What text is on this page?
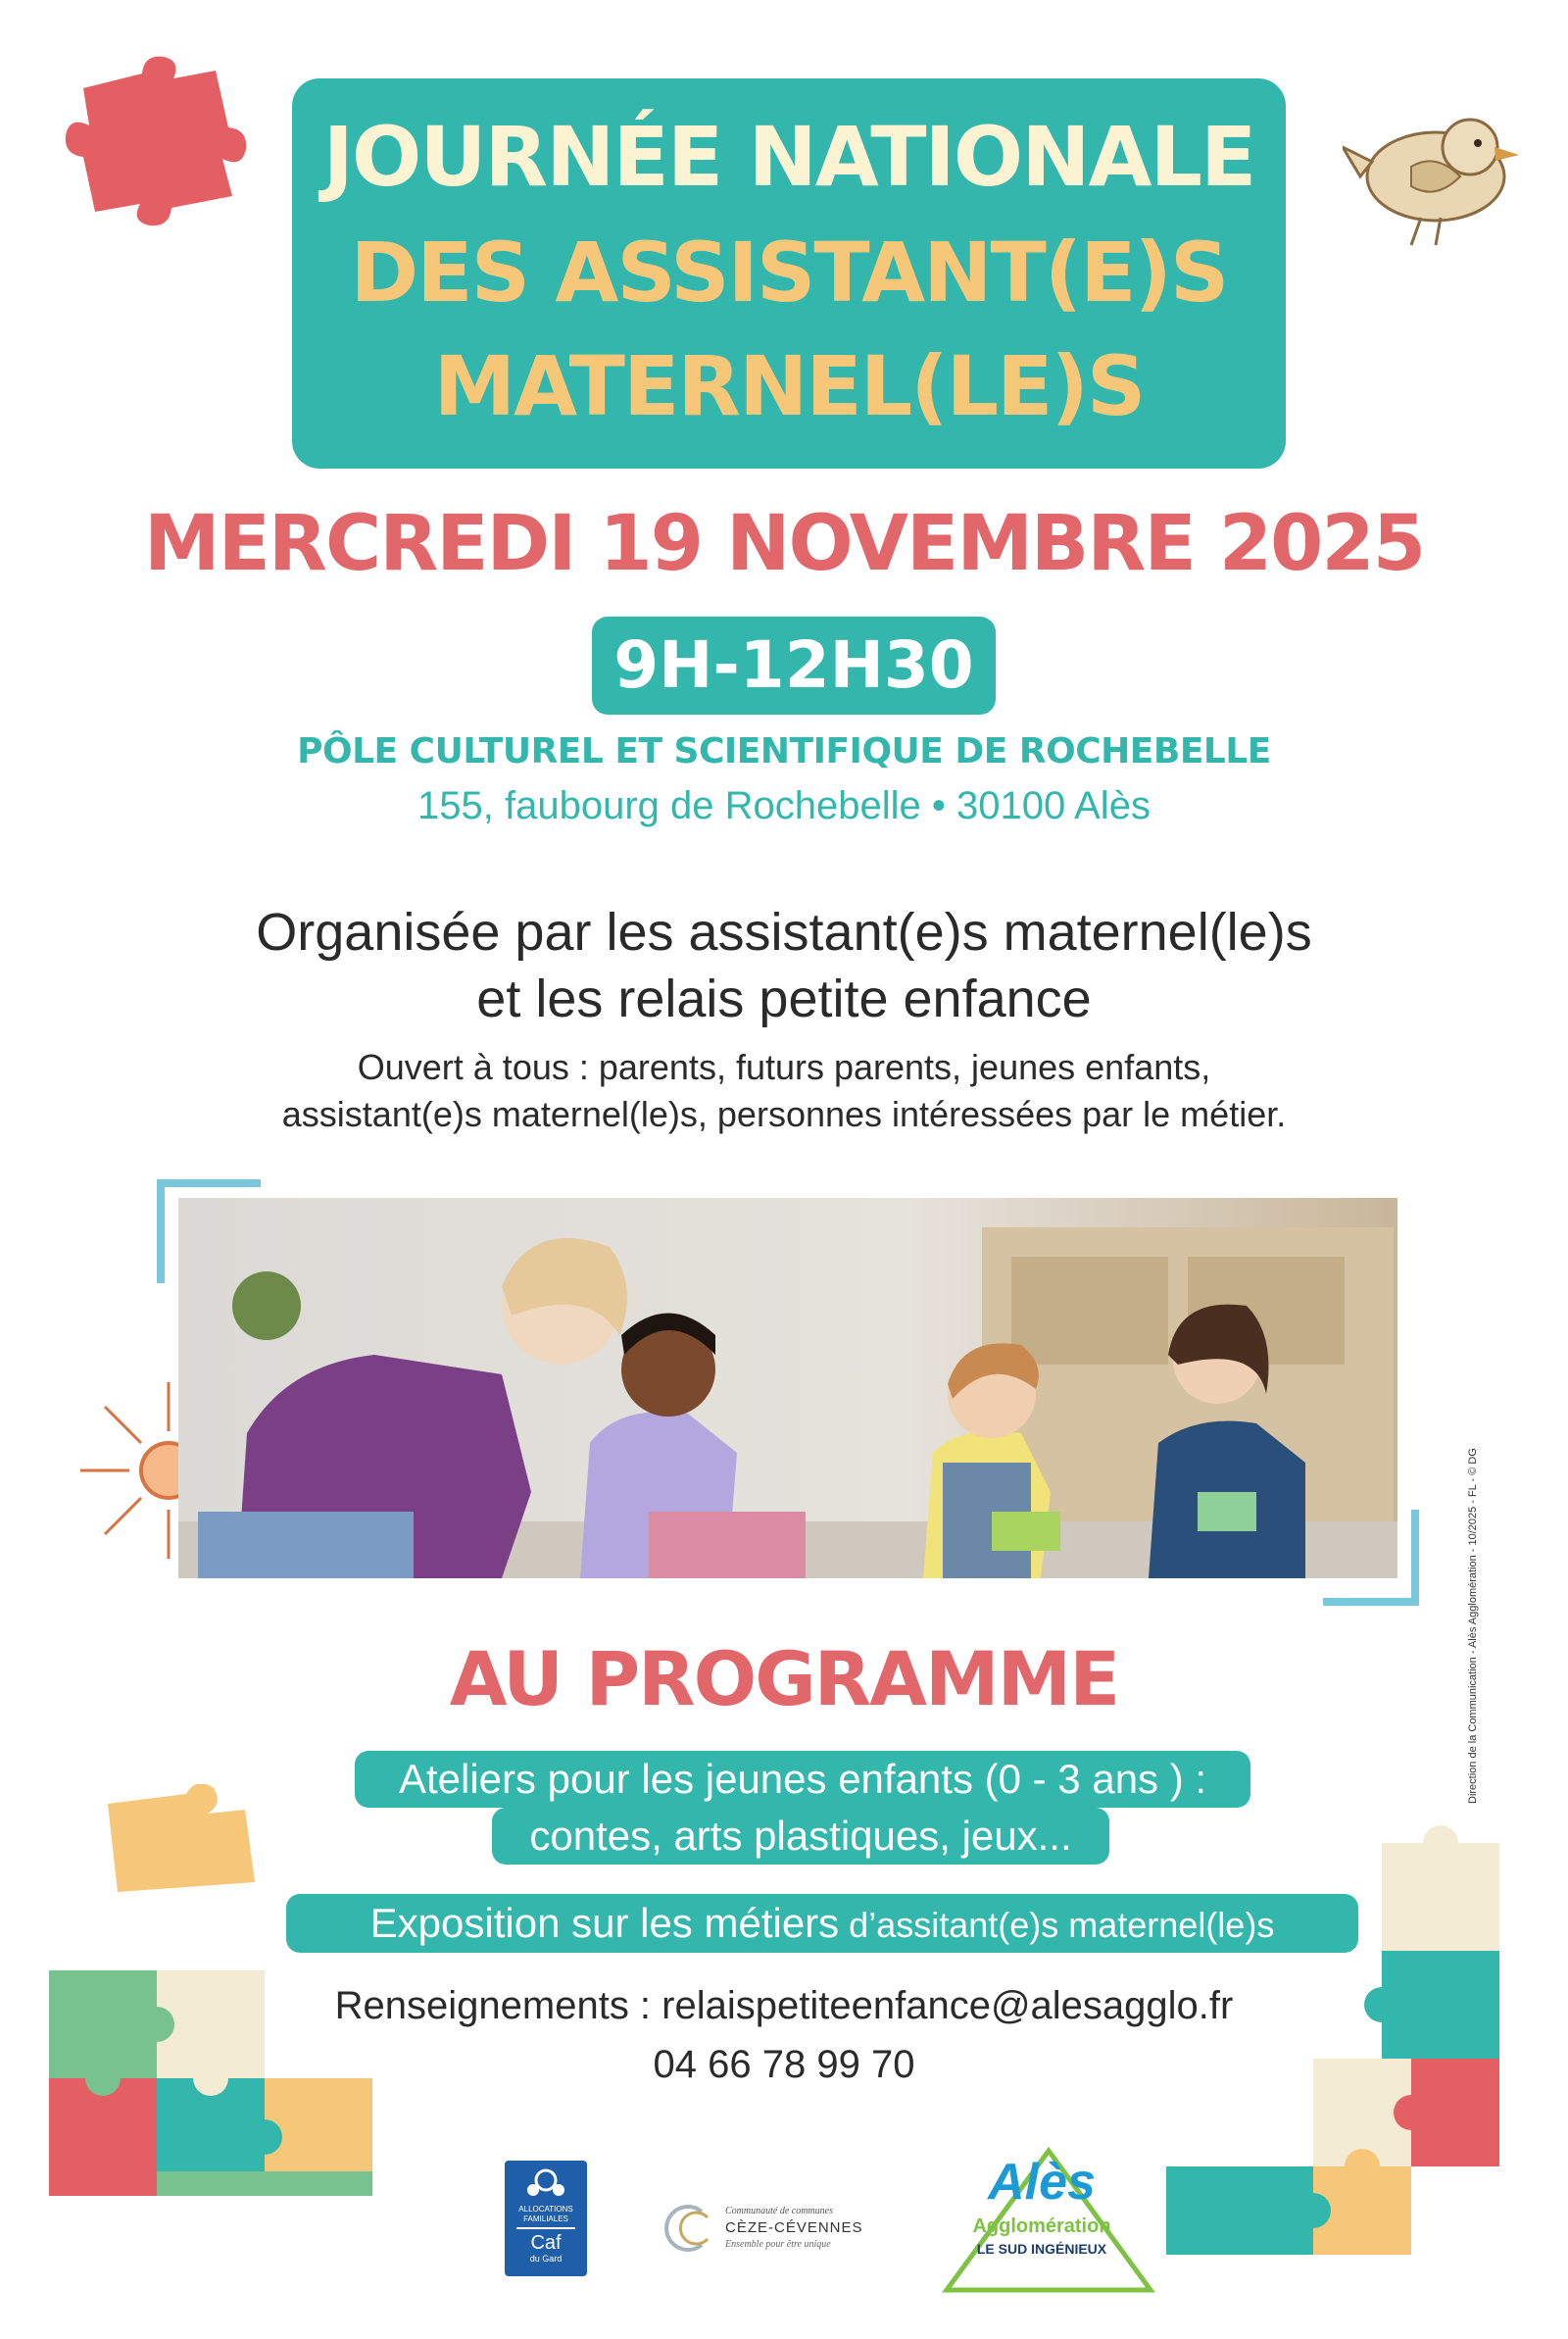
JOURNÉE NATIONALE
DES ASSISTANT(E)S
MATERNEL(LE)S
MERCREDI 19 NOVEMBRE 2025
9H-12H30
PÔLE CULTUREL ET SCIENTIFIQUE DE ROCHEBELLE
155, faubourg de Rochebelle • 30100 Alès
Organisée par les assistant(e)s maternel(le)s
et les relais petite enfance
Ouvert à tous : parents, futurs parents, jeunes enfants,
assistant(e)s maternel(le)s, personnes intéressées par le métier.
AU PROGRAMME
Ateliers pour les jeunes enfants (0 - 3 ans ) :
contes, arts plastiques, jeux...
Exposition sur les métiers d’assitant(e)s maternel(le)s
Renseignements : relaispetiteenfance@alesagglo.fr
04 66 78 99 70
Direction de la Communication - Alès Agglomération - 10/2025 - FL - © DG
ALLOCATIONS
FAMILIALES
Caf
du Gard
Communauté de communes
CÈZE-CÉVENNES
Ensemble pour être unique
Alès
Agglomération
LE SUD INGÉNIEUX
